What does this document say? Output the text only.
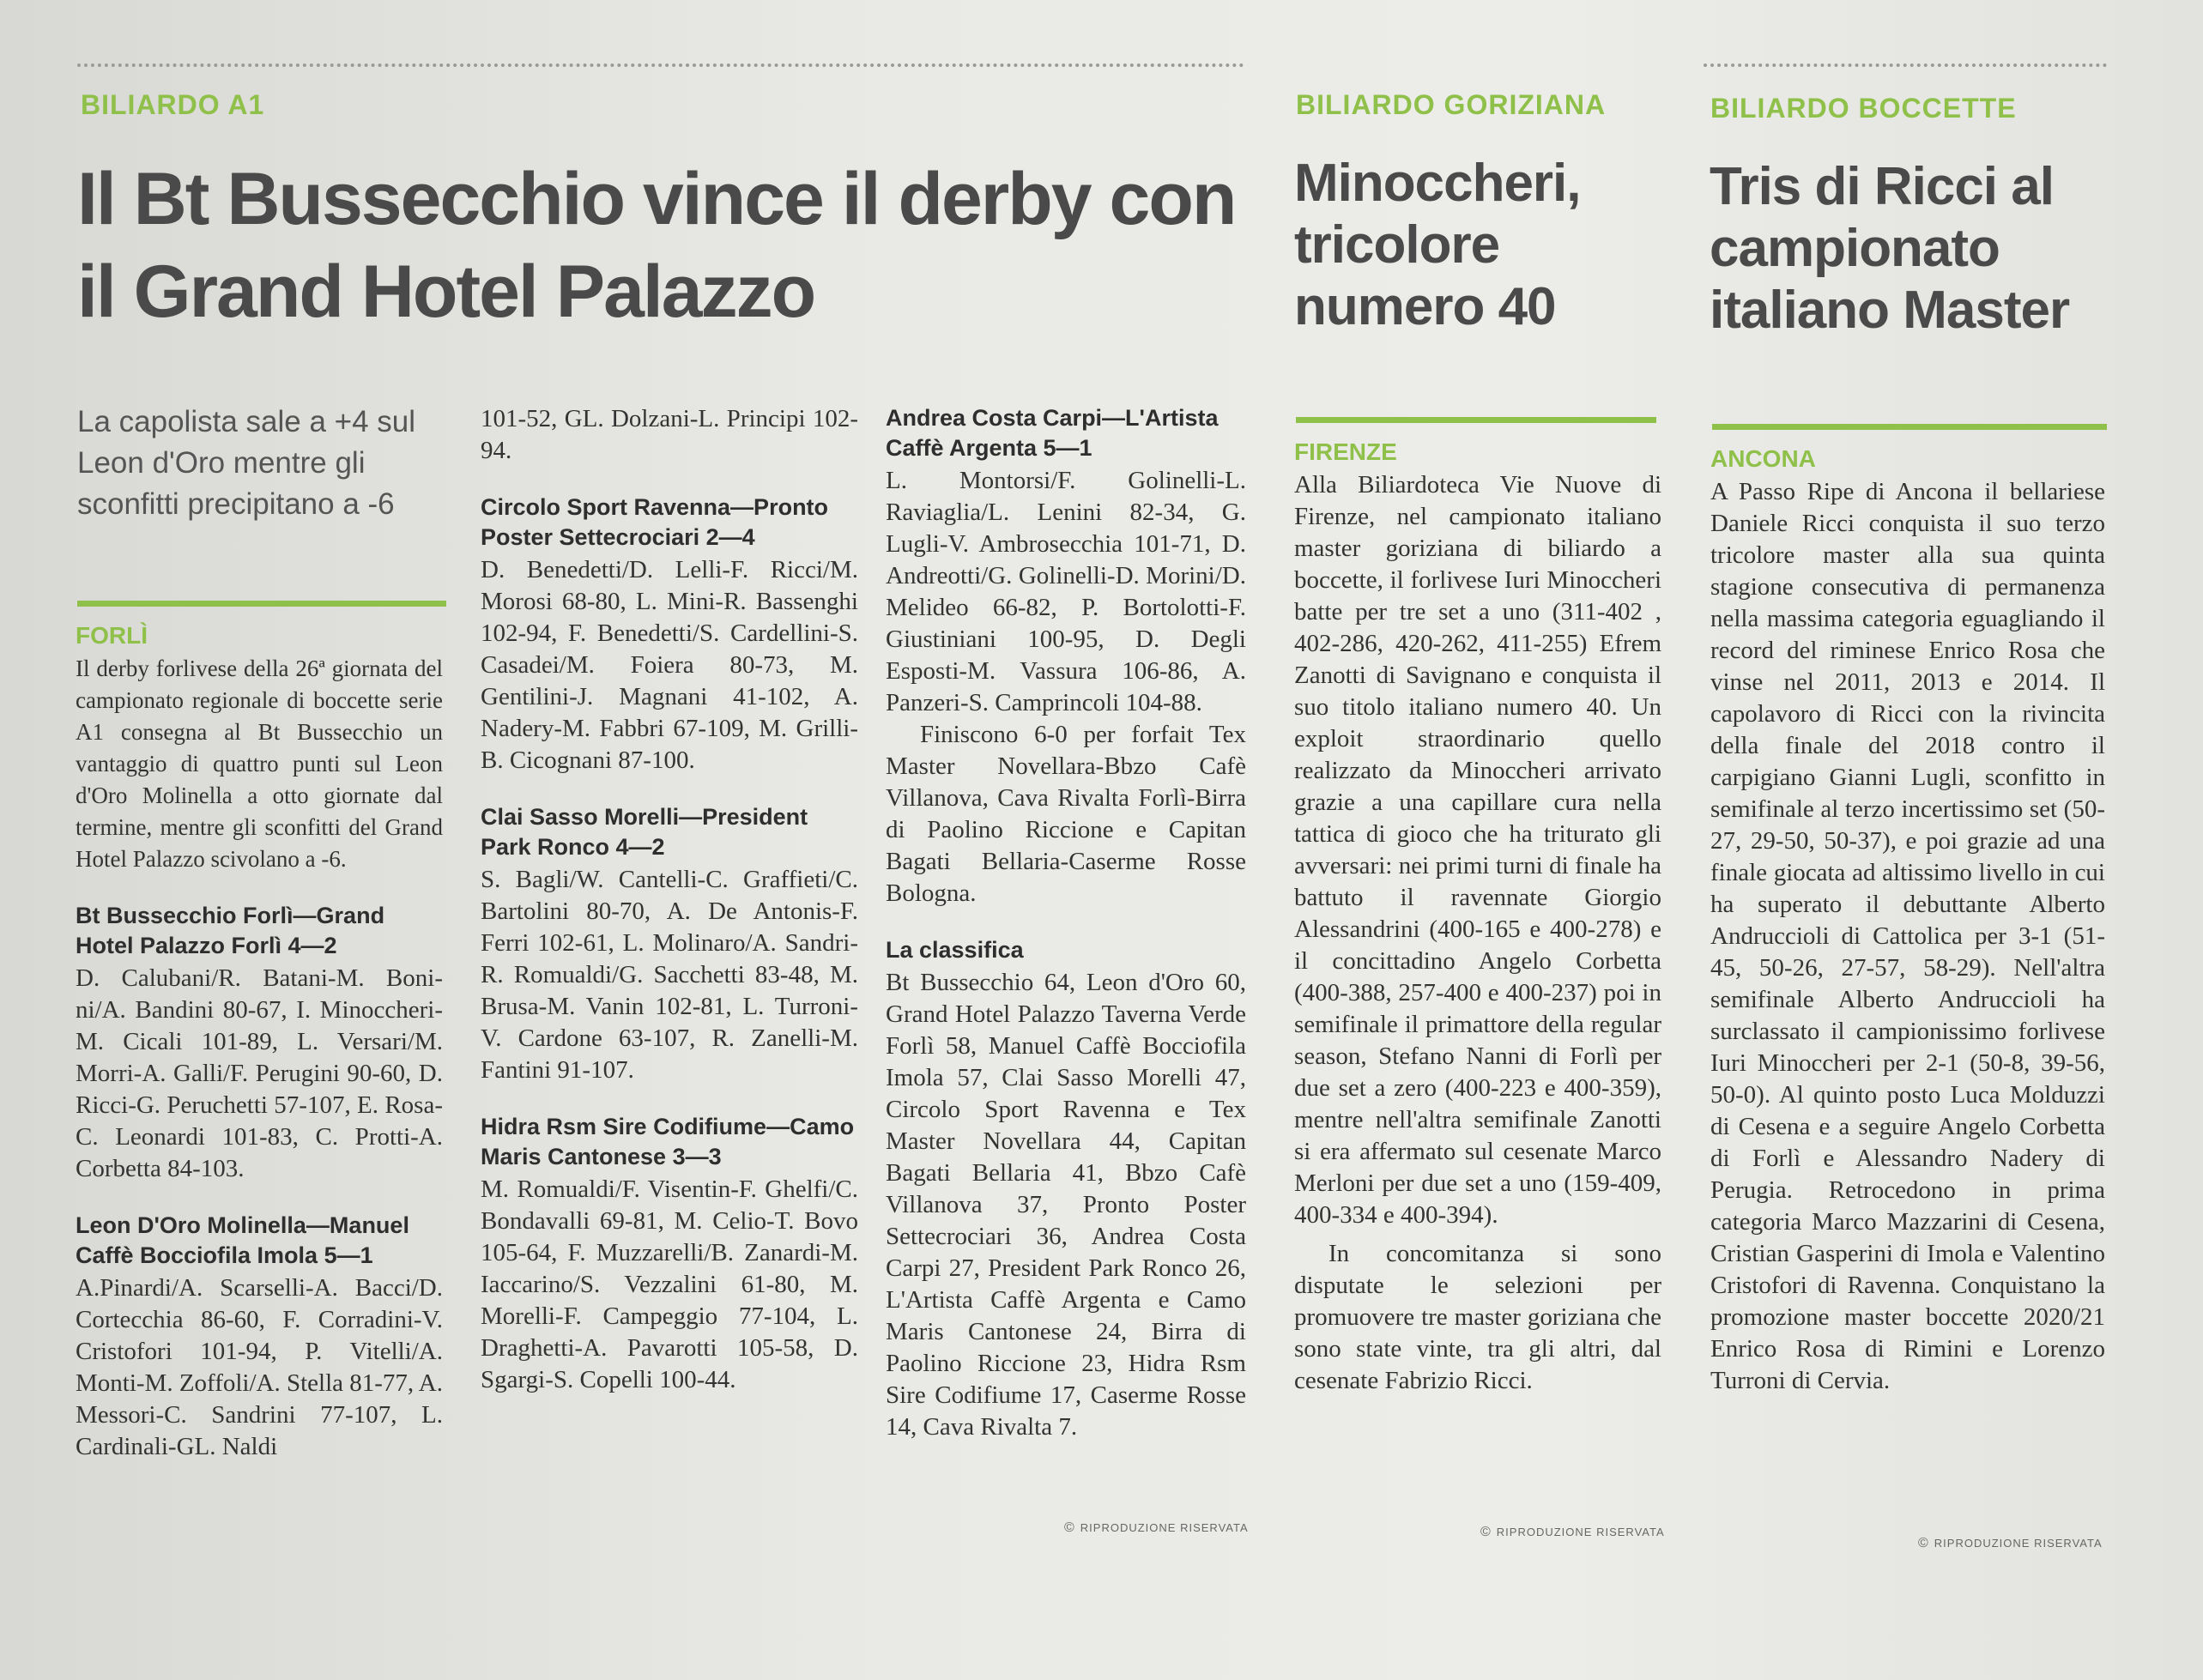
BILIARDO A1
Il Bt Bussecchio vince il derby con il Grand Hotel Palazzo
La capolista sale a +4 sul Leon d'Oro mentre gli sconfitti precipitano a -6
FORLÌ

Il derby forlivese della 26ª giornata del campionato regionale di boccette serie A1 consegna al Bt Bussecchio un vantaggio di quattro punti sul Leon d'Oro Molinella a otto giornate dal termine, mentre gli sconfitti del Grand Hotel Palazzo scivolano a -6.

Bt Bussecchio Forlì—Grand Hotel Palazzo Forlì 4—2

D. Calubani/R. Batani-M. Boni-ni/A. Bandini 80-67, I. Minoccheri-M. Cicali 101-89, L. Versari/M. Morri-A. Galli/F. Perugini 90-60, D. Ricci-G. Peruchetti 57-107, E. Rosa-C. Leonardi 101-83, C. Protti-A. Corbetta 84-103.

Leon D'Oro Molinella—Manuel Caffè Bocciofila Imola 5—1

A.Pinardi/A. Scarselli-A. Bacci/D. Cortecchia 86-60, F. Corradini-V. Cristofori 101-94, P. Vitelli/A. Monti-M. Zoffoli/A. Stella 81-77, A. Messori-C. Sandrini 77-107, L. Cardinali-GL. Naldi

101-52, GL. Dolzani-L. Principi 102-94.

Circolo Sport Ravenna—Pronto Poster Settecrociari 2—4

D. Benedetti/D. Lelli-F. Ricci/M. Morosi 68-80, L. Mini-R. Bassenghi 102-94, F. Benedetti/S. Cardellini-S. Casadei/M. Foiera 80-73, M. Gentilini-J. Magnani 41-102, A. Nadery-M. Fabbri 67-109, M. Grilli-B. Cicognani 87-100.

Clai Sasso Morelli—President Park Ronco 4—2

S. Bagli/W. Cantelli-C. Graffieti/C. Bartolini 80-70, A. De Antonis-F. Ferri 102-61, L. Molinaro/A. Sandri-R. Romualdi/G. Sacchetti 83-48, M. Brusa-M. Vanin 102-81, L. Turroni-V. Cardone 63-107, R. Zanelli-M. Fantini 91-107.

Hidra Rsm Sire Codifiume—Camo Maris Cantonese 3—3

M. Romualdi/F. Visentin-F. Ghelfi/C. Bondavalli 69-81, M. Celio-T. Bovo 105-64, F. Muzzarelli/B. Zanardi-M. Iaccarino/S. Vezzalini 61-80, M. Morelli-F. Campeggio 77-104, L. Draghetti-A. Pavarotti 105-58, D. Sgargi-S. Copelli 100-44.

Andrea Costa Carpi—L'Artista Caffè Argenta 5—1

L. Montorsi/F. Golinelli-L. Raviaglia/L. Lenini 82-34, G. Lugli-V. Ambrosecchia 101-71, D. Andreotti/G. Golinelli-D. Morini/D. Melideo 66-82, P. Bortolotti-F. Giustiniani 100-95, D. Degli Esposti-M. Vassura 106-86, A. Panzeri-S. Camprincoli 104-88.

Finiscono 6-0 per forfait Tex Master Novellara-Bbzo Cafè Villanova, Cava Rivalta Forlì-Birra di Paolino Riccione e Capitan Bagati Bellaria-Caserme Rosse Bologna.

La classifica

Bt Bussecchio 64, Leon d'Oro 60, Grand Hotel Palazzo Taverna Verde Forlì 58, Manuel Caffè Bocciofila Imola 57, Clai Sasso Morelli 47, Circolo Sport Ravenna e Tex Master Novellara 44, Capitan Bagati Bellaria 41, Bbzo Cafè Villanova 37, Pronto Poster Settecrociari 36, Andrea Costa Carpi 27, President Park Ronco 26, L'Artista Caffè Argenta e Camo Maris Cantonese 24, Birra di Paolino Riccione 23, Hidra Rsm Sire Codifiume 17, Caserme Rosse 14, Cava Rivalta 7.

© RIPRODUZIONE RISERVATA
BILIARDO GORIZIANA
Minoccheri, tricolore numero 40
FIRENZE

Alla Biliardoteca Vie Nuove di Firenze, nel campionato italiano master goriziana di biliardo a boccette, il forlivese Iuri Minoccheri batte per tre set a uno (311-402 , 402-286, 420-262, 411-255) Efrem Zanotti di Savignano e conquista il suo titolo italiano numero 40. Un exploit straordinario quello realizzato da Minoccheri arrivato grazie a una capillare cura nella tattica di gioco che ha triturato gli avversari: nei primi turni di finale ha battuto il ravennate Giorgio Alessandrini (400-165 e 400-278) e il concittadino Angelo Corbetta (400-388, 257-400 e 400-237) poi in semifinale il primattore della regular season, Stefano Nanni di Forlì per due set a zero (400-223 e 400-359), mentre nell'altra semifinale Zanotti si era affermato sul cesenate Marco Merloni per due set a uno (159-409, 400-334 e 400-394).

In concomitanza si sono disputate le selezioni per promuovere tre master goriziana che sono state vinte, tra gli altri, dal cesenate Fabrizio Ricci.

© RIPRODUZIONE RISERVATA
BILIARDO BOCCETTE
Tris di Ricci al campionato italiano Master
ANCONA

A Passo Ripe di Ancona il bellariese Daniele Ricci conquista il suo terzo tricolore master alla sua quinta stagione consecutiva di permanenza nella massima categoria eguagliando il record del riminese Enrico Rosa che vinse nel 2011, 2013 e 2014. Il capolavoro di Ricci con la rivincita della finale del 2018 contro il carpigiano Gianni Lugli, sconfitto in semifinale al terzo incertissimo set (50-27, 29-50, 50-37), e poi grazie ad una finale giocata ad altissimo livello in cui ha superato il debuttante Alberto Andruccioli di Cattolica per 3-1 (51-45, 50-26, 27-57, 58-29). Nell'altra semifinale Alberto Andruccioli ha surclassato il campionissimo forlivese Iuri Minoccheri per 2-1 (50-8, 39-56, 50-0). Al quinto posto Luca Molduzzi di Cesena e a seguire Angelo Corbetta di Forlì e Alessandro Nadery di Perugia. Retrocedono in prima categoria Marco Mazzarini di Cesena, Cristian Gasperini di Imola e Valentino Cristofori di Ravenna. Conquistano la promozione master boccette 2020/21 Enrico Rosa di Rimini e Lorenzo Turroni di Cervia.

© RIPRODUZIONE RISERVATA
